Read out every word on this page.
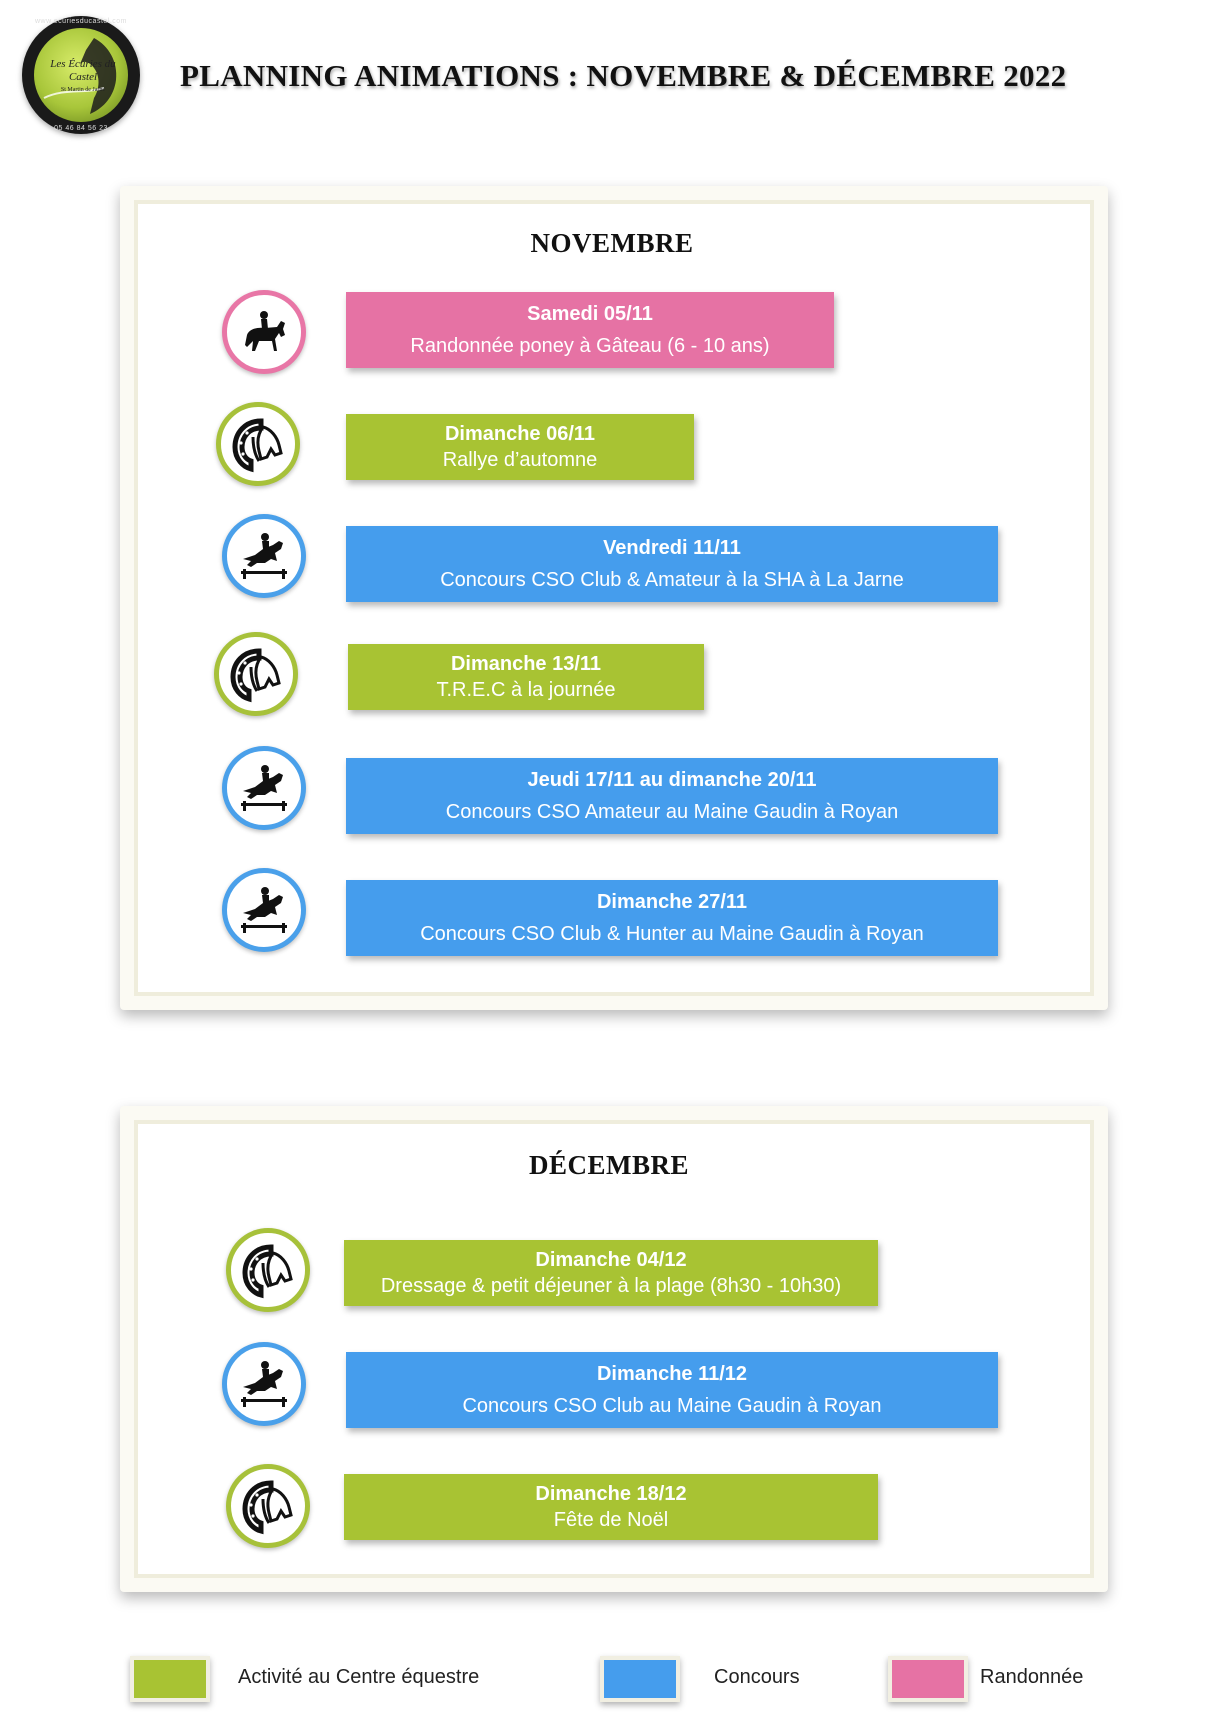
www.ecuriesducastel.com
Les Écuries du Castel
St Martin de Jarne
05 46 84 56 23
PLANNING ANIMATIONS : NOVEMBRE & DÉCEMBRE 2022
NOVEMBRE
Samedi 05/11
Randonnée poney à Gâteau (6 - 10 ans)
Dimanche 06/11
Rallye d’automne
Vendredi 11/11
Concours CSO Club & Amateur à la SHA à La Jarne
Dimanche 13/11
T.R.E.C à la journée
Jeudi 17/11 au dimanche 20/11
Concours CSO Amateur au Maine Gaudin à Royan
Dimanche 27/11
Concours CSO Club & Hunter au Maine Gaudin à Royan
DÉCEMBRE
Dimanche 04/12
Dressage & petit déjeuner à la plage (8h30 - 10h30)
Dimanche 11/12
Concours CSO Club au Maine Gaudin à Royan
Dimanche 18/12
Fête de Noël
Activité au Centre équestre	Concours	Randonnée
